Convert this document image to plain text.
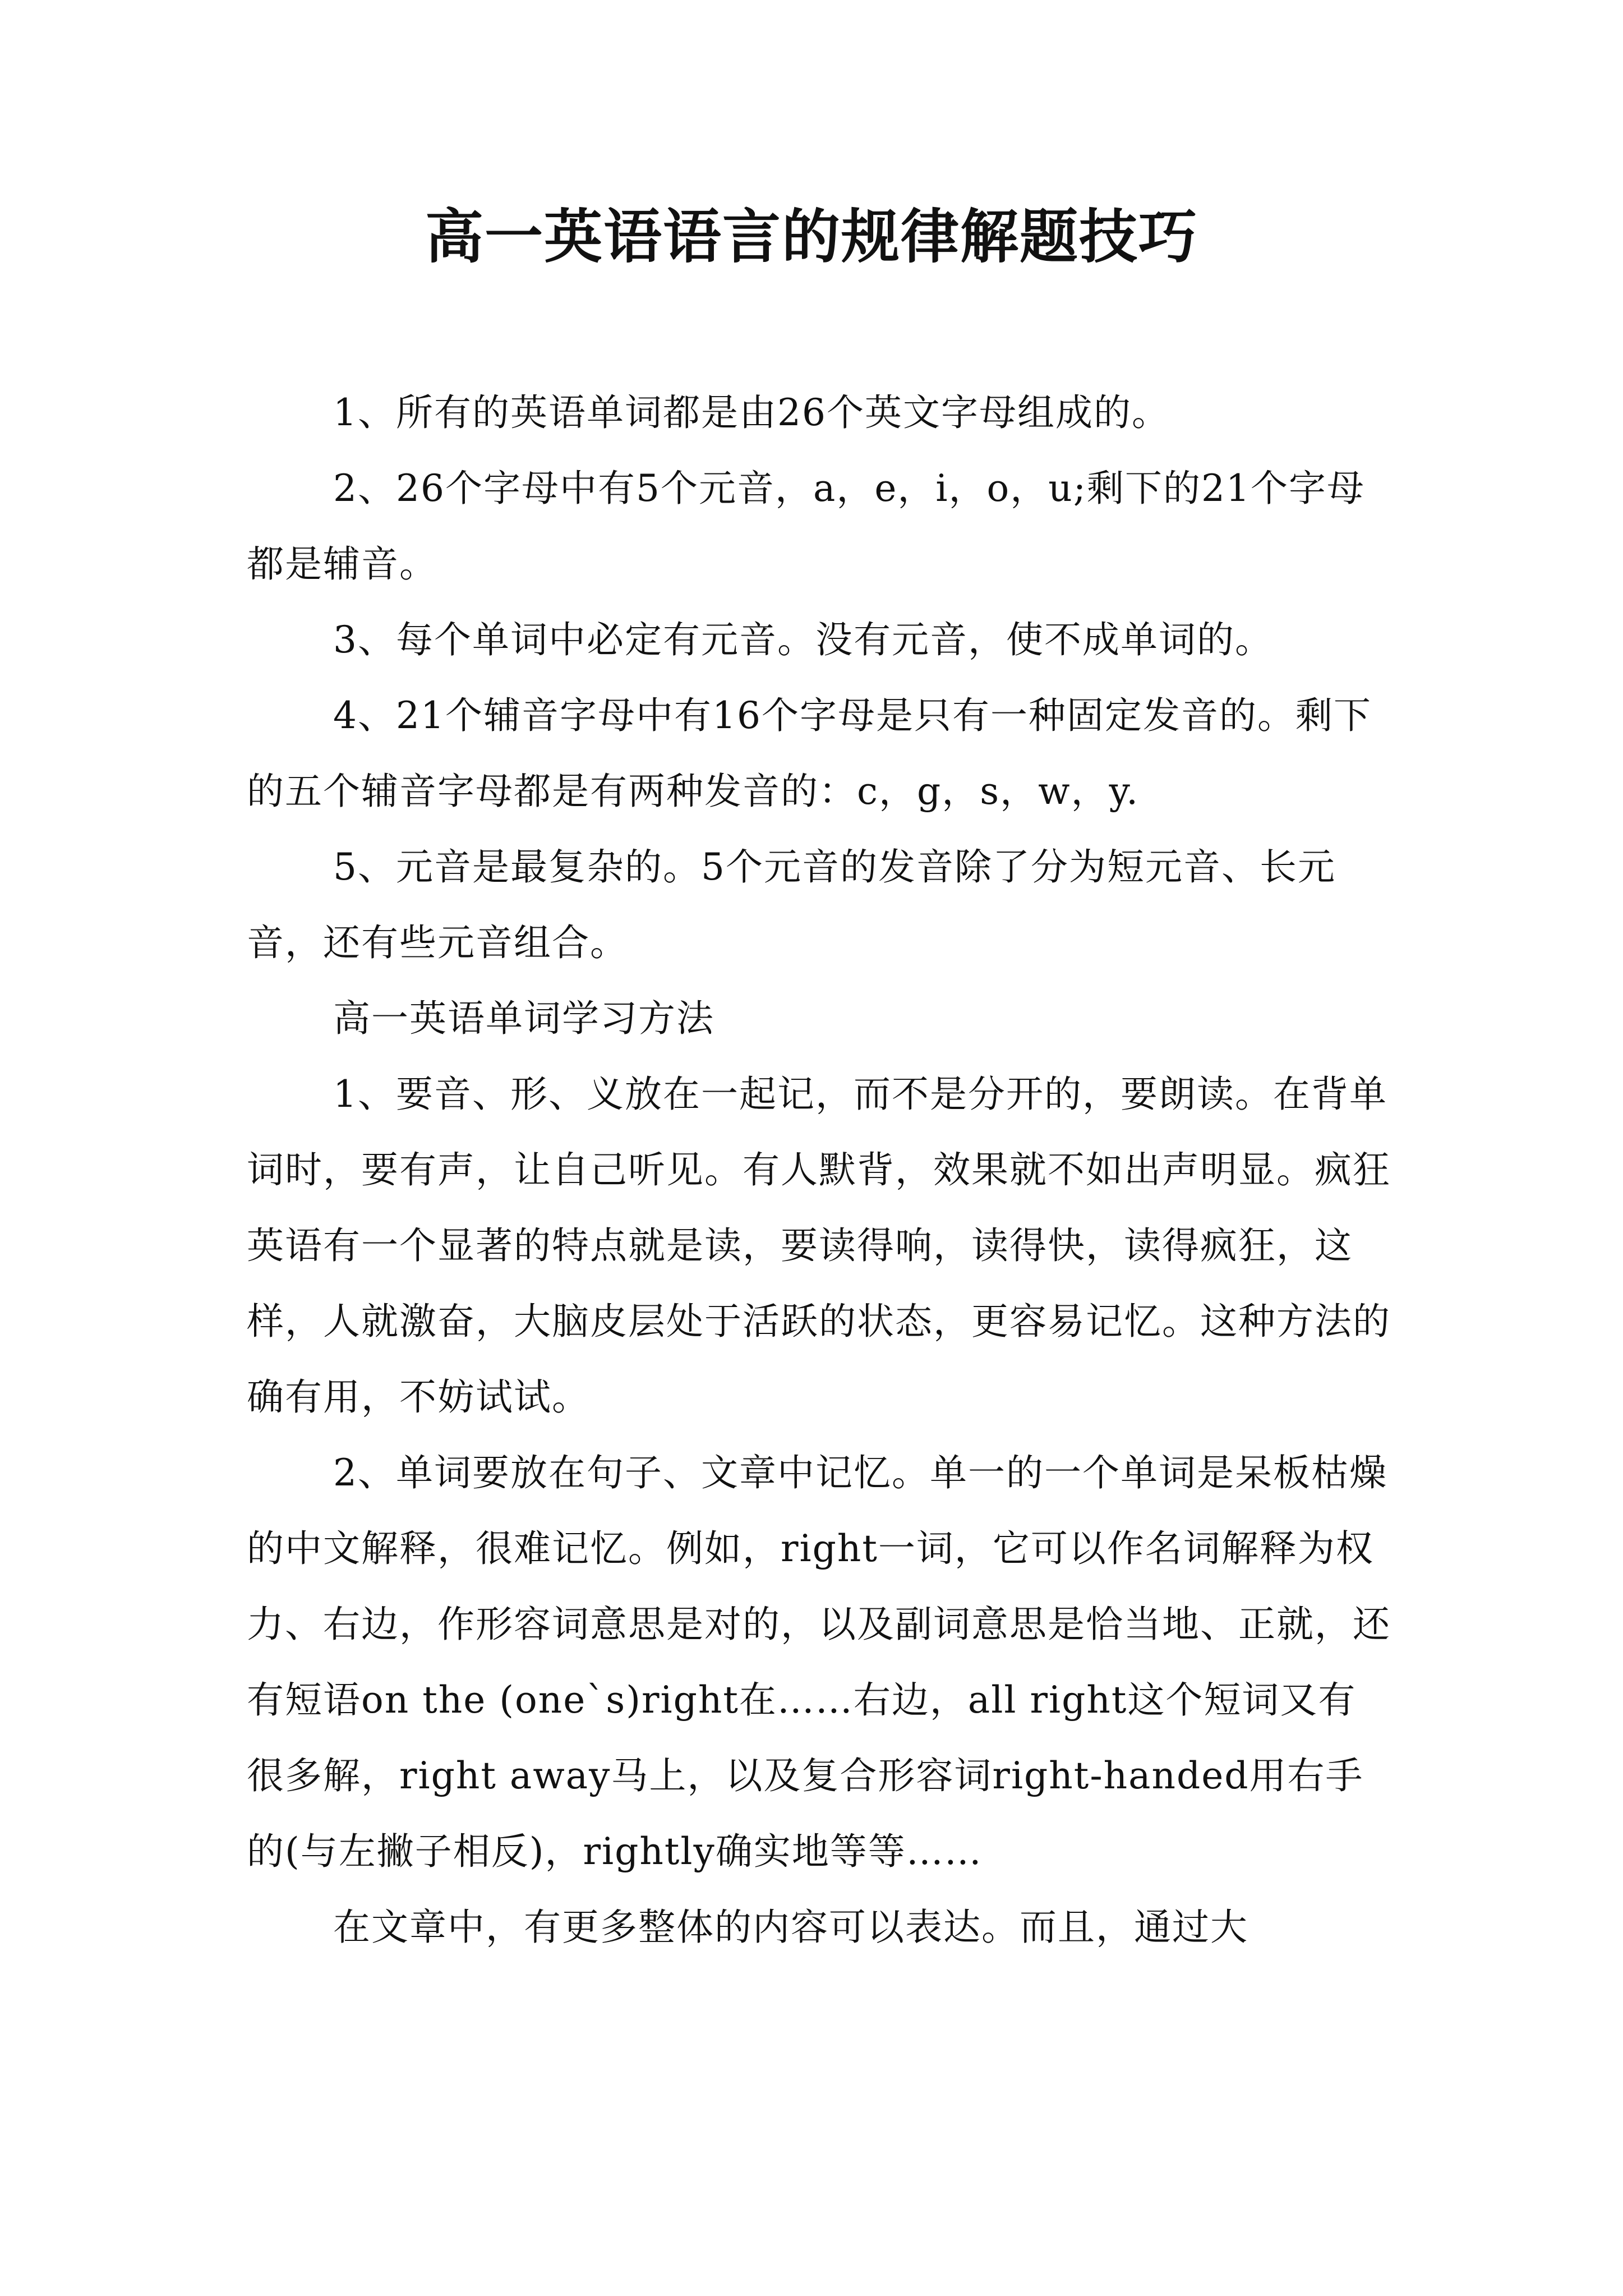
高一英语语言的规律解题技巧

1、所有的英语单词都是由26个英文字母组成的。

2、26个字母中有5个元音，a，e，i，o，u;剩下的21个字母都是辅音。

3、每个单词中必定有元音。没有元音，使不成单词的。

4、21个辅音字母中有16个字母是只有一种固定发音的。剩下的五个辅音字母都是有两种发音的：c，g，s，w，y.

5、元音是最复杂的。5个元音的发音除了分为短元音、长元音，还有些元音组合。

高一英语单词学习方法

1、要音、形、义放在一起记，而不是分开的，要朗读。在背单词时，要有声，让自己听见。有人默背，效果就不如出声明显。疯狂英语有一个显著的特点就是读，要读得响，读得快，读得疯狂，这样，人就激奋，大脑皮层处于活跃的状态，更容易记忆。这种方法的确有用，不妨试试。

2、单词要放在句子、文章中记忆。单一的一个单词是呆板枯燥的中文解释，很难记忆。例如，right一词，它可以作名词解释为权力、右边，作形容词意思是对的，以及副词意思是恰当地、正就，还有短语on the (one`s)right在……右边，all right这个短词又有很多解，right away马上，以及复合形容词right-handed用右手的(与左撇子相反)，rightly确实地等等……

在文章中，有更多整体的内容可以表达。而且，通过大
